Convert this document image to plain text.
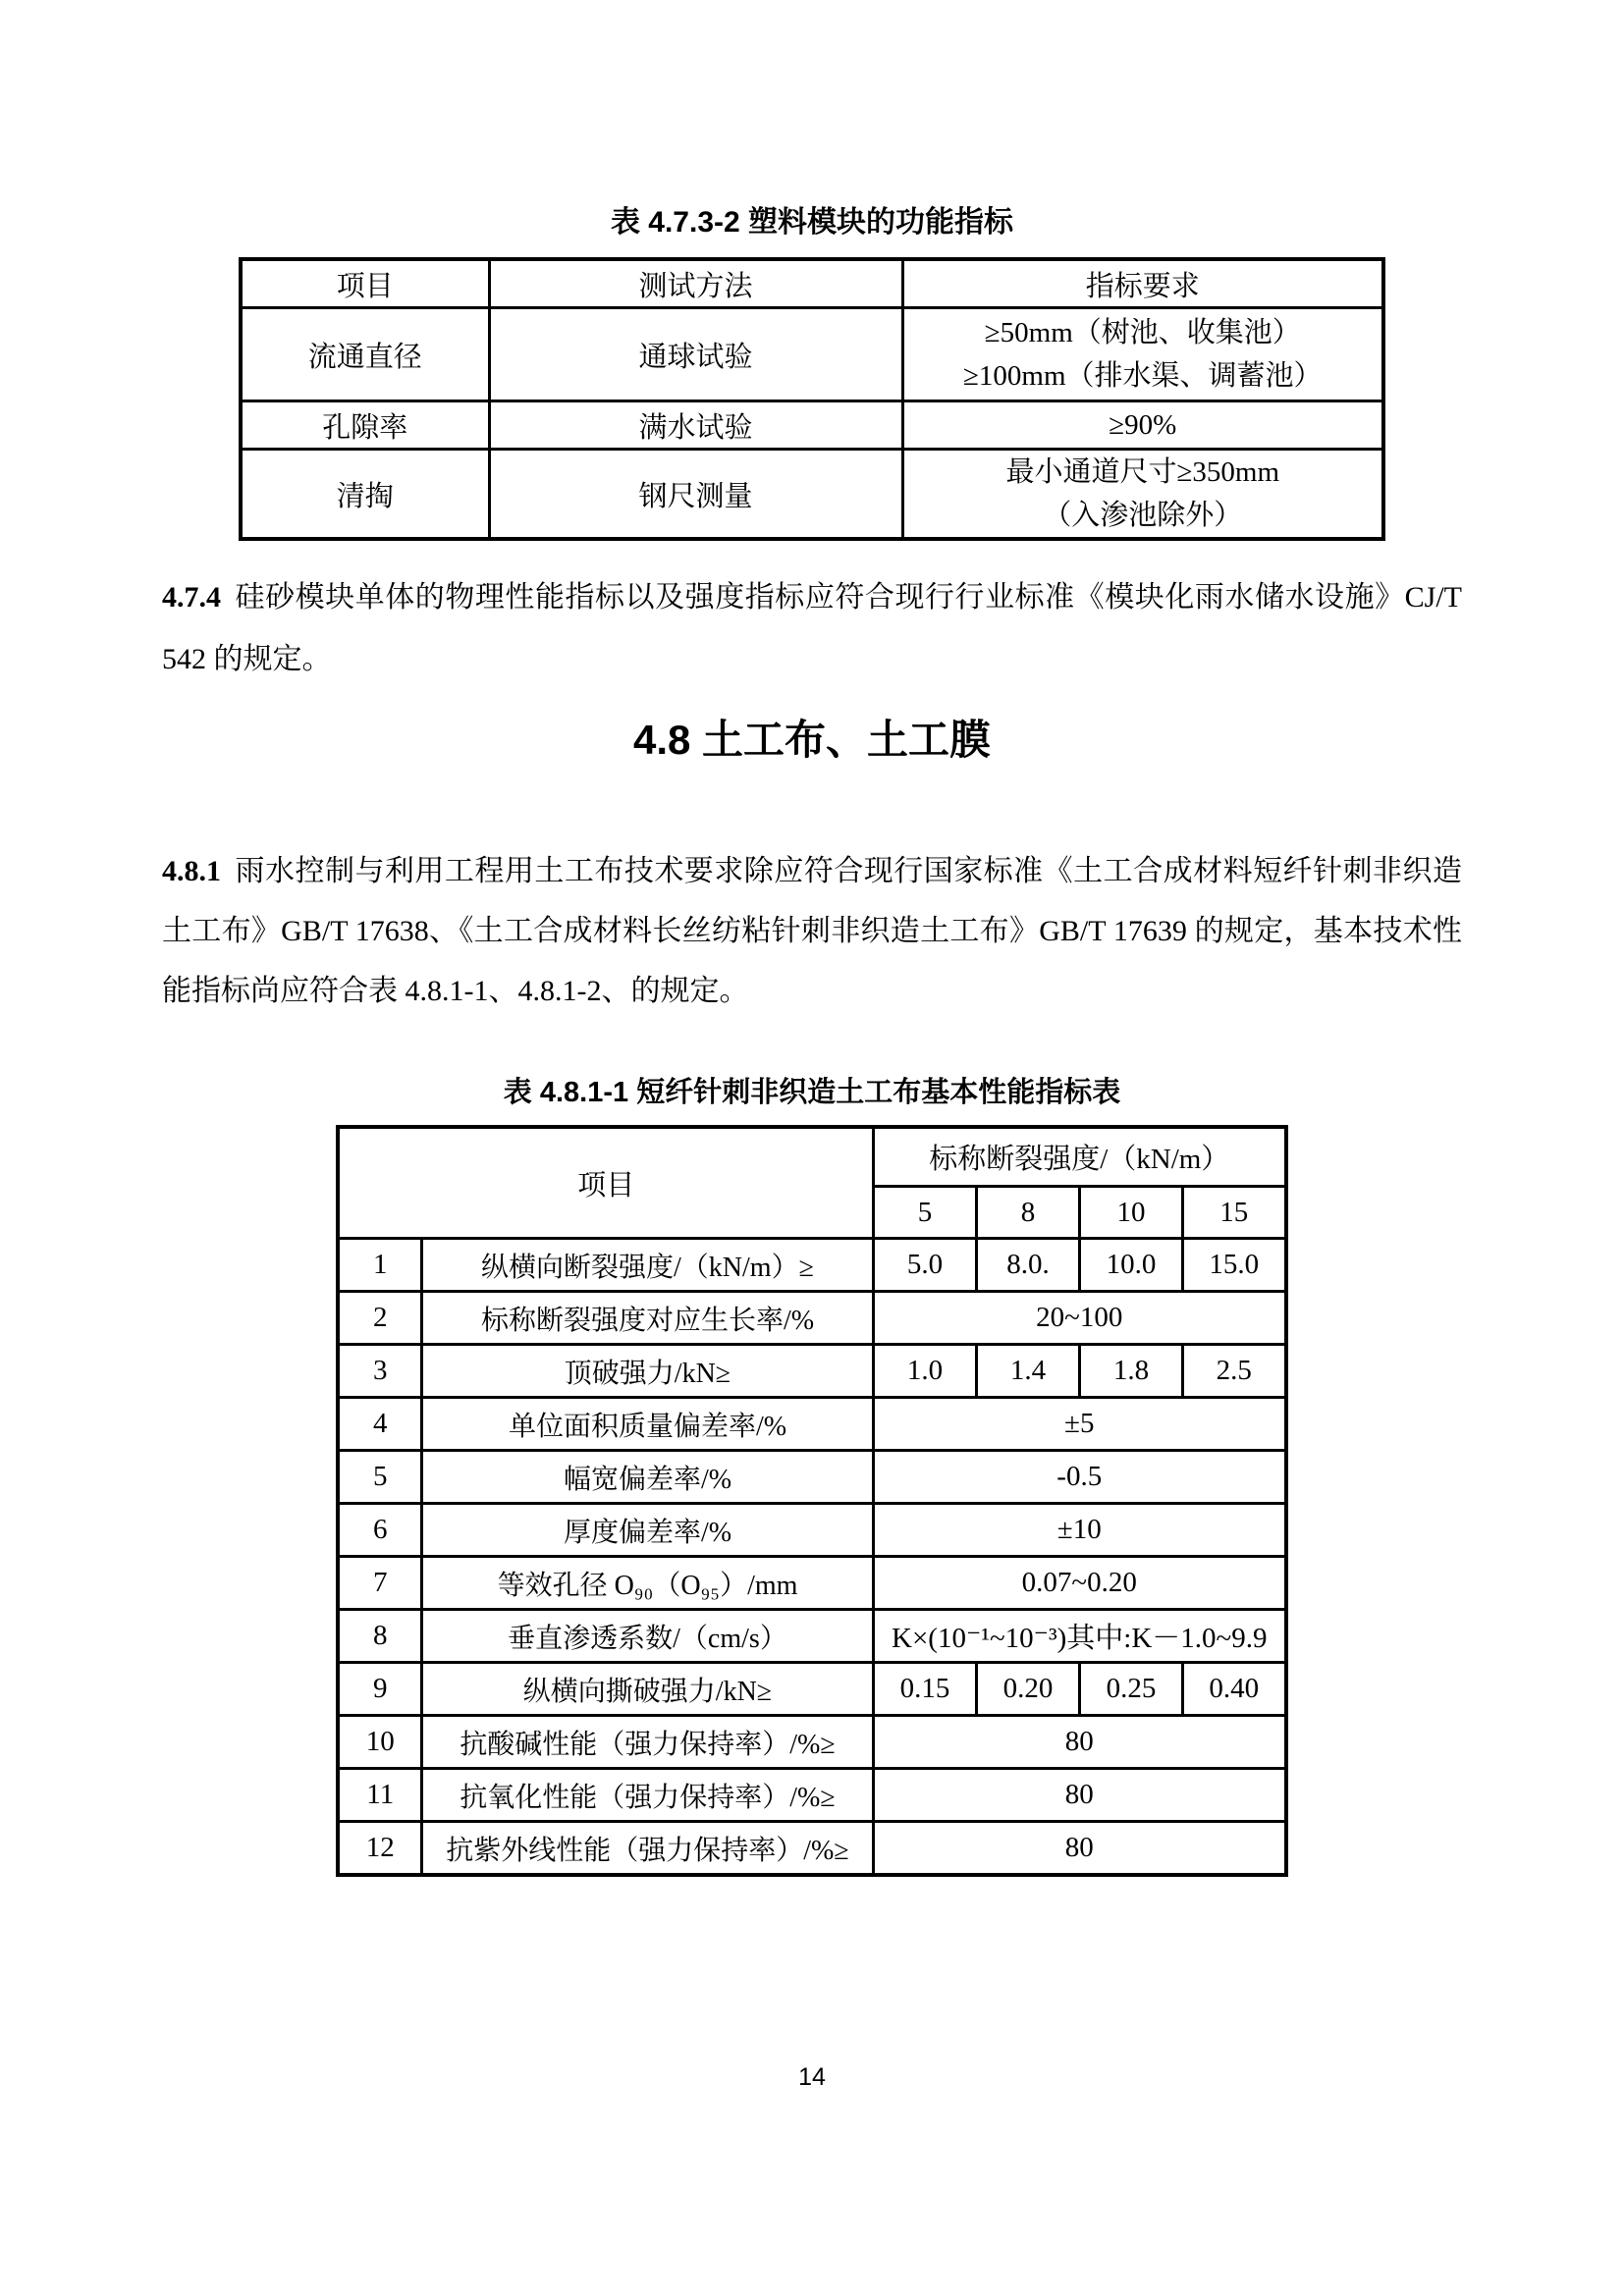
表 4.7.3-2 塑料模块的功能指标
项目	测试方法	指标要求
流通直径	通球试验	≥50mm（树池、收集池）
≥100mm（排水渠、调蓄池）

孔隙率	满水试验	≥90%
清掏	钢尺测量	最小通道尺寸≥350mm
（入渗池除外）

4.7.4 硅砂模块单体的物理性能指标以及强度指标应符合现行行业标准《模块化雨水储水设施》CJ/T 542 的规定。

4.8 土工布、土工膜

4.8.1 雨水控制与利用工程用土工布技术要求除应符合现行国家标准《土工合成材料短纤针刺非织造土工布》GB/T 17638、《土工合成材料长丝纺粘针刺非织造土工布》GB/T 17639 的规定，基本技术性能指标尚应符合表 4.8.1-1、4.8.1-2、的规定。

表 4.8.1-1 短纤针刺非织造土工布基本性能指标表
项目		标称断裂强度/（kN/m）			
		5	8	10	15
1	纵横向断裂强度/（kN/m）≥	5.0	8.0.	10.0	15.0
2	标称断裂强度对应生长率/%	20~100			
3	顶破强力/kN≥	1.0	1.4	1.8	2.5
4	单位面积质量偏差率/%	±5			
5	幅宽偏差率/%	-0.5			
6	厚度偏差率/%	±10			
7	等效孔径 O₉₀（O₉₅）/mm	0.07~0.20			
8	垂直渗透系数/（cm/s）	K×(10⁻¹~10⁻³)其中:K－1.0~9.9			
9	纵横向撕破强力/kN≥	0.15	0.20	0.25	0.40
10	抗酸碱性能（强力保持率）/%≥	80			
11	抗氧化性能（强力保持率）/%≥	80			
12	抗紫外线性能（强力保持率）/%≥	80			
14
